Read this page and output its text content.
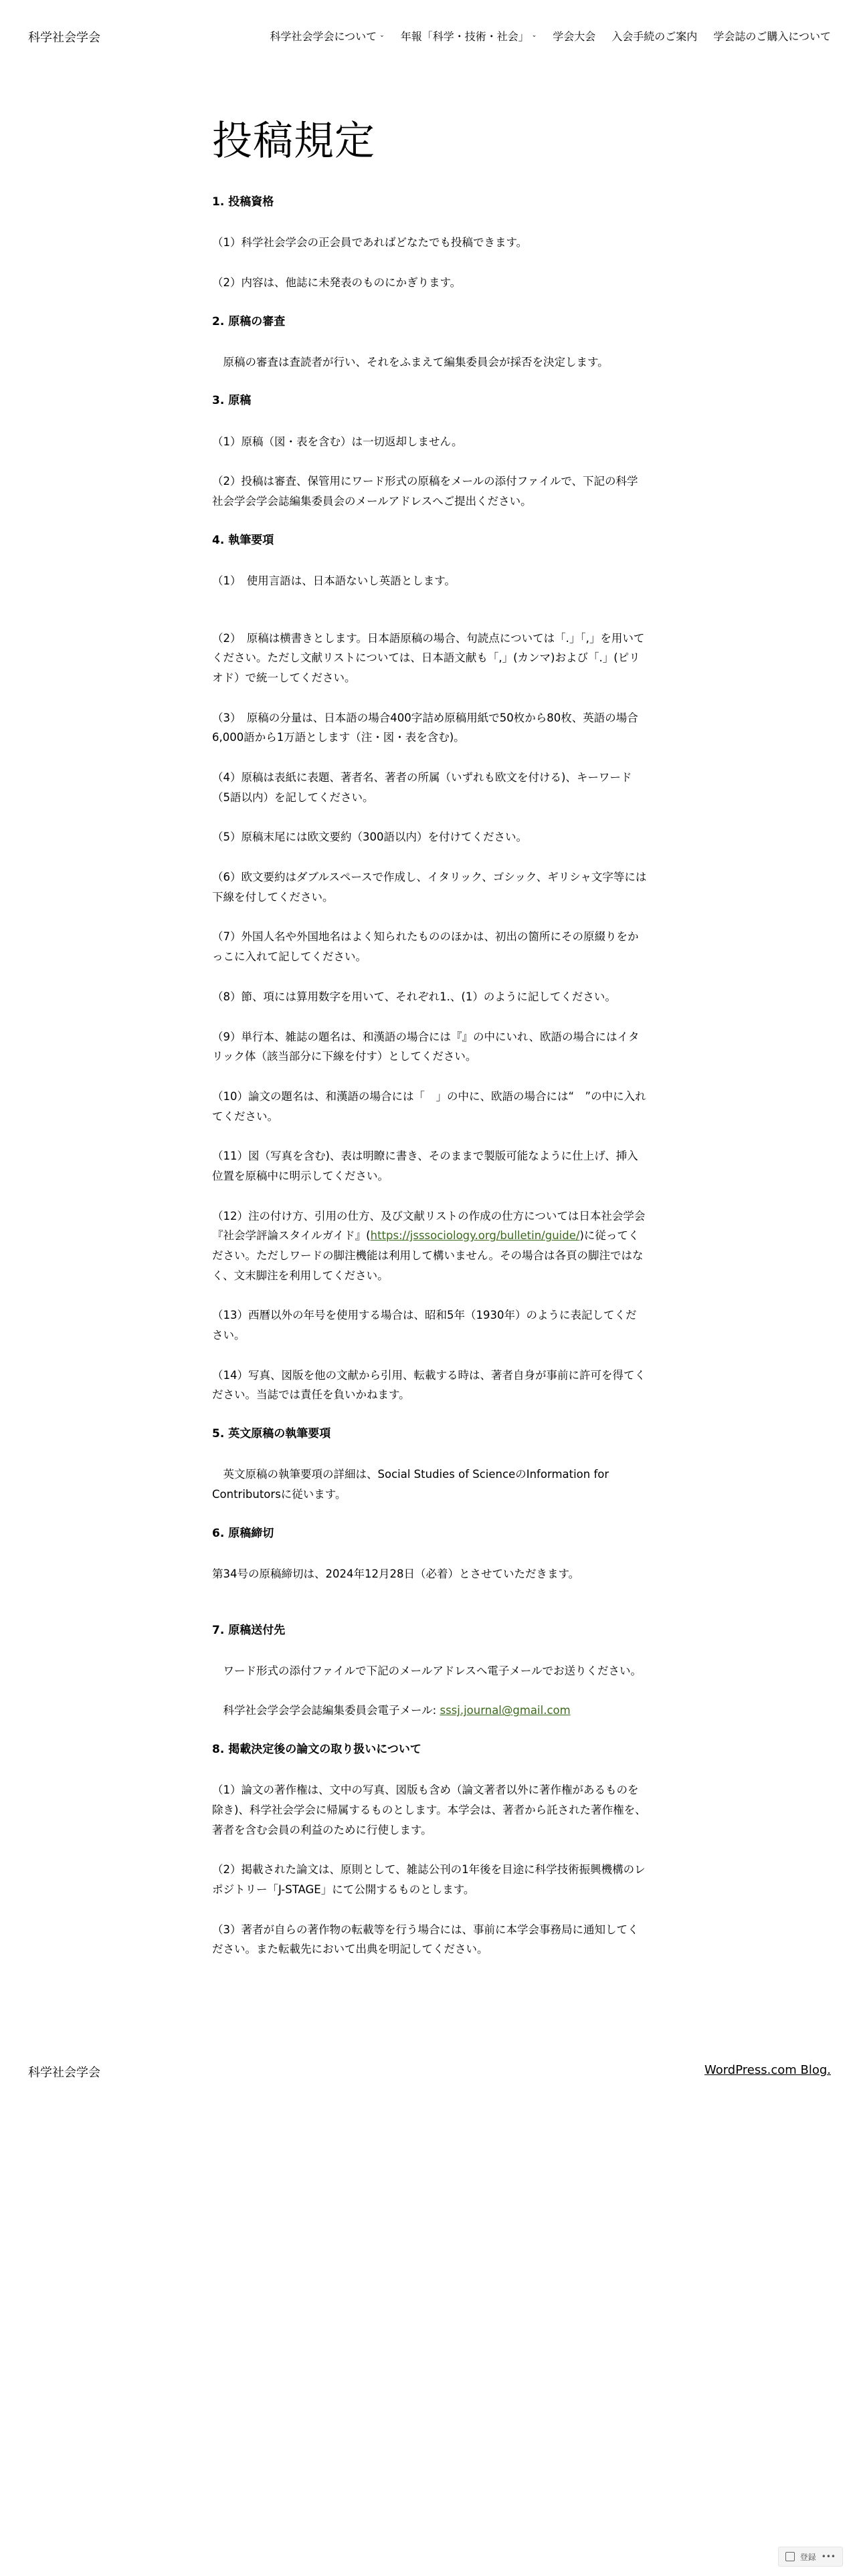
科学社会学会	科学社会学会について ⌄ 年報「科学・技術・社会」 ⌄ 学会大会 入会手続のご案内 学会誌のご購入について
投稿規定
1. 投稿資格
（1）科学社会学会の正会員であればどなたでも投稿できます。
（2）内容は、他誌に未発表のものにかぎります。
2. 原稿の審査
　原稿の審査は査読者が行い、それをふまえて編集委員会が採否を決定します。
3. 原稿
（1）原稿（図・表を含む）は一切返却しません。
（2）投稿は審査、保管用にワード形式の原稿をメールの添付ファイルで、下記の科学社会学会学会誌編集委員会のメールアドレスへご提出ください。
4. 執筆要項
（1）　使用言語は、日本語ないし英語とします。
（2）　原稿は横書きとします。日本語原稿の場合、句読点については「.」「,」を用いてください。ただし文献リストについては、日本語文献も「,」(カンマ)および「.」(ピリオド）で統一してください。
（3）　原稿の分量は、日本語の場合400字詰め原稿用紙で50枚から80枚、英語の場合6,000語から1万語とします（注・図・表を含む)。
（4）原稿は表紙に表題、著者名、著者の所属（いずれも欧文を付ける)、キーワード（5語以内）を記してください。
（5）原稿末尾には欧文要約（300語以内）を付けてください。
（6）欧文要約はダブルスペースで作成し、イタリック、ゴシック、ギリシャ文字等には下線を付してください。
（7）外国人名や外国地名はよく知られたもののほかは、初出の箇所にその原綴りをかっこに入れて記してください。
（8）節、項には算用数字を用いて、それぞれ1.、(1）のように記してください。
（9）単行本、雑誌の題名は、和漢語の場合には『』の中にいれ、欧語の場合にはイタリック体（該当部分に下線を付す）としてください。
（10）論文の題名は、和漢語の場合には「　」の中に、欧語の場合には“　”の中に入れてください。
（11）図（写真を含む)、表は明瞭に書き、そのままで製版可能なように仕上げ、挿入位置を原稿中に明示してください。
（12）注の付け方、引用の仕方、及び文献リストの作成の仕方については日本社会学会『社会学評論スタイルガイド』(https://jsssociology.org/bulletin/guide/)に従ってください。ただしワードの脚注機能は利用して構いません。その場合は各頁の脚注ではなく、文末脚注を利用してください。
（13）西暦以外の年号を使用する場合は、昭和5年（1930年）のように表記してください。
（14）写真、図版を他の文献から引用、転載する時は、著者自身が事前に許可を得てください。当誌では責任を負いかねます。
5. 英文原稿の執筆要項
　英文原稿の執筆要項の詳細は、Social Studies of ScienceのInformation for Contributorsに従います。
6. 原稿締切
第34号の原稿締切は、2024年12月28日（必着）とさせていただきます。
7. 原稿送付先
　ワード形式の添付ファイルで下記のメールアドレスへ電子メールでお送りください。
　科学社会学会学会誌編集委員会電子メール: sssj.journal@gmail.com
8. 掲載決定後の論文の取り扱いについて
（1）論文の著作権は、文中の写真、図版も含め（論文著者以外に著作権があるものを除き)、科学社会学会に帰属するものとします。本学会は、著者から託された著作権を、著者を含む会員の利益のために行使します。
（2）掲載された論文は、原則として、雑誌公刊の1年後を目途に科学技術振興機構のレポジトリー「J-STAGE」にて公開するものとします。
（3）著者が自らの著作物の転載等を行う場合には、事前に本学会事務局に通知してください。また転載先において出典を明記してください。
科学社会学会	WordPress.com Blog.
登録 •••
